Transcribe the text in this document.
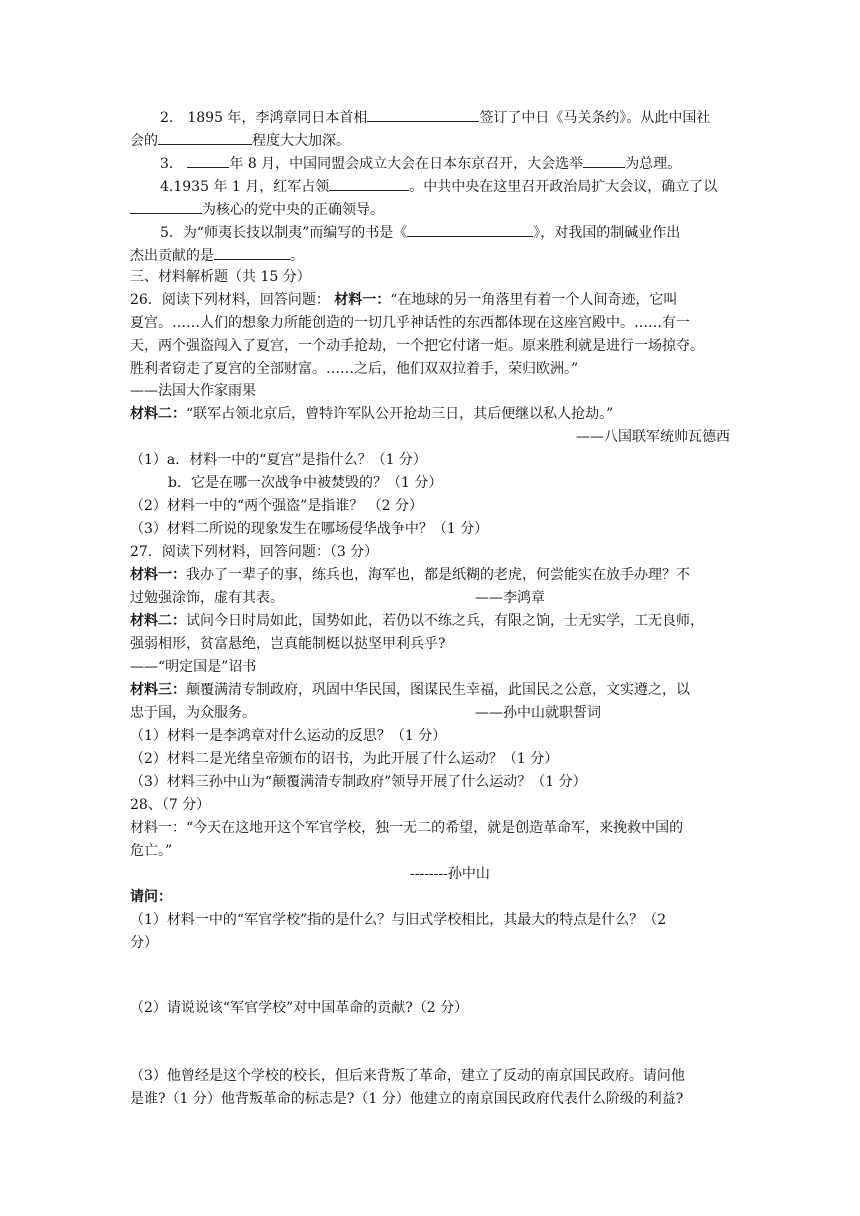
2． 1895 年，李鸿章同日本首相	签订了中日《马关条约》。从此中国社
会的	程度大大加深。
3．	年 8 月，中国同盟会成立大会在日本东京召开，大会选举	为总理。
4.1935 年 1 月，红军占领	。中共中央在这里召开政治局扩大会议，确立了以
为核心的党中央的正确领导。
5．为“师夷长技以制夷”而编写的书是《	》，对我国的制碱业作出
杰出贡献的是	。
三、材料解析题（共 15 分）
26．阅读下列材料，回答问题： 材料一：“在地球的另一角落里有着一个人间奇迹，它叫
夏宫。……人们的想象力所能创造的一切几乎神话性的东西都体现在这座宫殿中。……有一
天，两个强盗闯入了夏宫，一个动手抢劫，一个把它付诸一炬。原来胜利就是进行一场掠夺。
胜利者窃走了夏宫的全部财富。……之后，他们双双拉着手，荣归欧洲。”
——法国大作家雨果
材料二：“联军占领北京后，曾特许军队公开抢劫三日，其后便继以私人抢劫。”
——八国联军统帅瓦德西
（1）a．材料一中的“夏宫”是指什么？（1 分）
b．它是在哪一次战争中被焚毁的？（1 分）
（2）材料一中的“两个强盗”是指谁？ （2 分）
（3）材料二所说的现象发生在哪场侵华战争中？（1 分）
27．阅读下列材料，回答问题：（3 分）
材料一：我办了一辈子的事，练兵也，海军也，都是纸糊的老虎，何尝能实在放手办理？不
过勉强涂饰，虚有其表。	——李鸿章
材料二：试问今日时局如此，国势如此，若仍以不练之兵，有限之饷，士无实学，工无良师，
强弱相形，贫富悬绝，岂真能制梃以挞坚甲利兵乎?
——“明定国是”诏书
材料三：颠覆满清专制政府，巩固中华民国，图谋民生幸福，此国民之公意，文实遵之，以
忠于国，为众服务。	——孙中山就职誓词
（1）材料一是李鸿章对什么运动的反思？（1 分）
（2）材料二是光绪皇帝颁布的诏书，为此开展了什么运动？（1 分）
（3）材料三孙中山为“颠覆满清专制政府”领导开展了什么运动？（1 分）
28、（7 分）
材料一：“今天在这地开这个军官学校，独一无二的希望，就是创造革命军，来挽救中国的
危亡。”
--------孙中山
请问：
（1）材料一中的“军官学校”指的是什么？与旧式学校相比，其最大的特点是什么？（2
分）
（2）请说说该“军官学校”对中国革命的贡献?（2 分）
（3）他曾经是这个学校的校长，但后来背叛了革命，建立了反动的南京国民政府。请问他
是谁?（1 分）他背叛革命的标志是?（1 分）他建立的南京国民政府代表什么阶级的利益?
